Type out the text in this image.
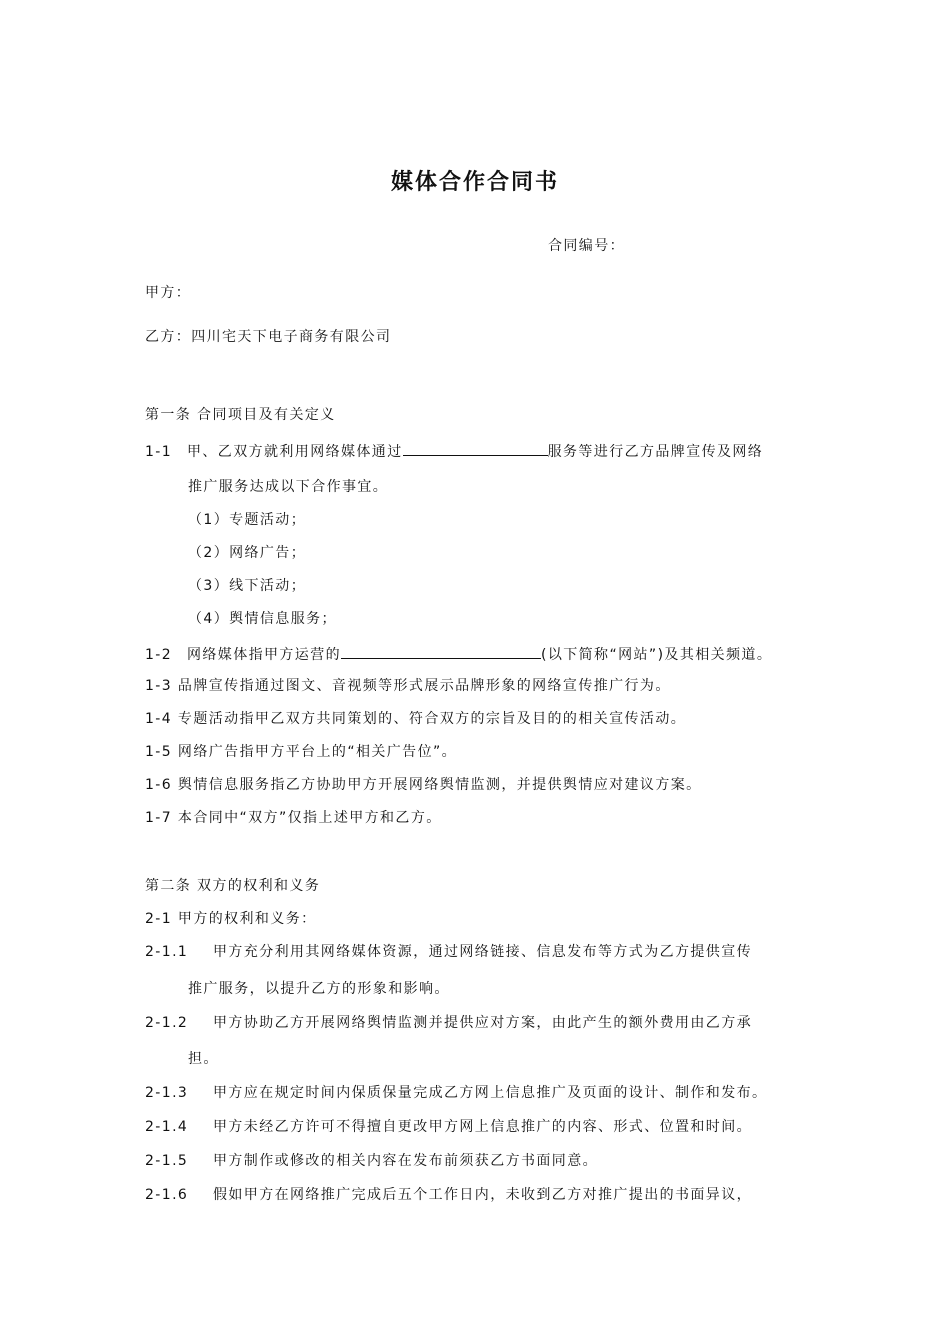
媒体合作合同书
合同编号：
甲方：
乙方：四川宅天下电子商务有限公司
第一条 合同项目及有关定义
1-1 甲、乙双方就利用网络媒体通过	服务等进行乙方品牌宣传及网络
推广服务达成以下合作事宜。
（1）专题活动；
（2）网络广告；
（3）线下活动；
（4）舆情信息服务；
1-2 网络媒体指甲方运营的	(以下简称“网站”)及其相关频道。
1-3 品牌宣传指通过图文、音视频等形式展示品牌形象的网络宣传推广行为。
1-4 专题活动指甲乙双方共同策划的、符合双方的宗旨及目的的相关宣传活动。
1-5 网络广告指甲方平台上的“相关广告位”。
1-6 舆情信息服务指乙方协助甲方开展网络舆情监测，并提供舆情应对建议方案。
1-7 本合同中“双方”仅指上述甲方和乙方。
第二条 双方的权利和义务
2-1 甲方的权利和义务：
2-1.1 甲方充分利用其网络媒体资源，通过网络链接、信息发布等方式为乙方提供宣传
推广服务，以提升乙方的形象和影响。
2-1.2 甲方协助乙方开展网络舆情监测并提供应对方案，由此产生的额外费用由乙方承
担。
2-1.3 甲方应在规定时间内保质保量完成乙方网上信息推广及页面的设计、制作和发布。
2-1.4 甲方未经乙方许可不得擅自更改甲方网上信息推广的内容、形式、位置和时间。
2-1.5 甲方制作或修改的相关内容在发布前须获乙方书面同意。
2-1.6 假如甲方在网络推广完成后五个工作日内，未收到乙方对推广提出的书面异议，
